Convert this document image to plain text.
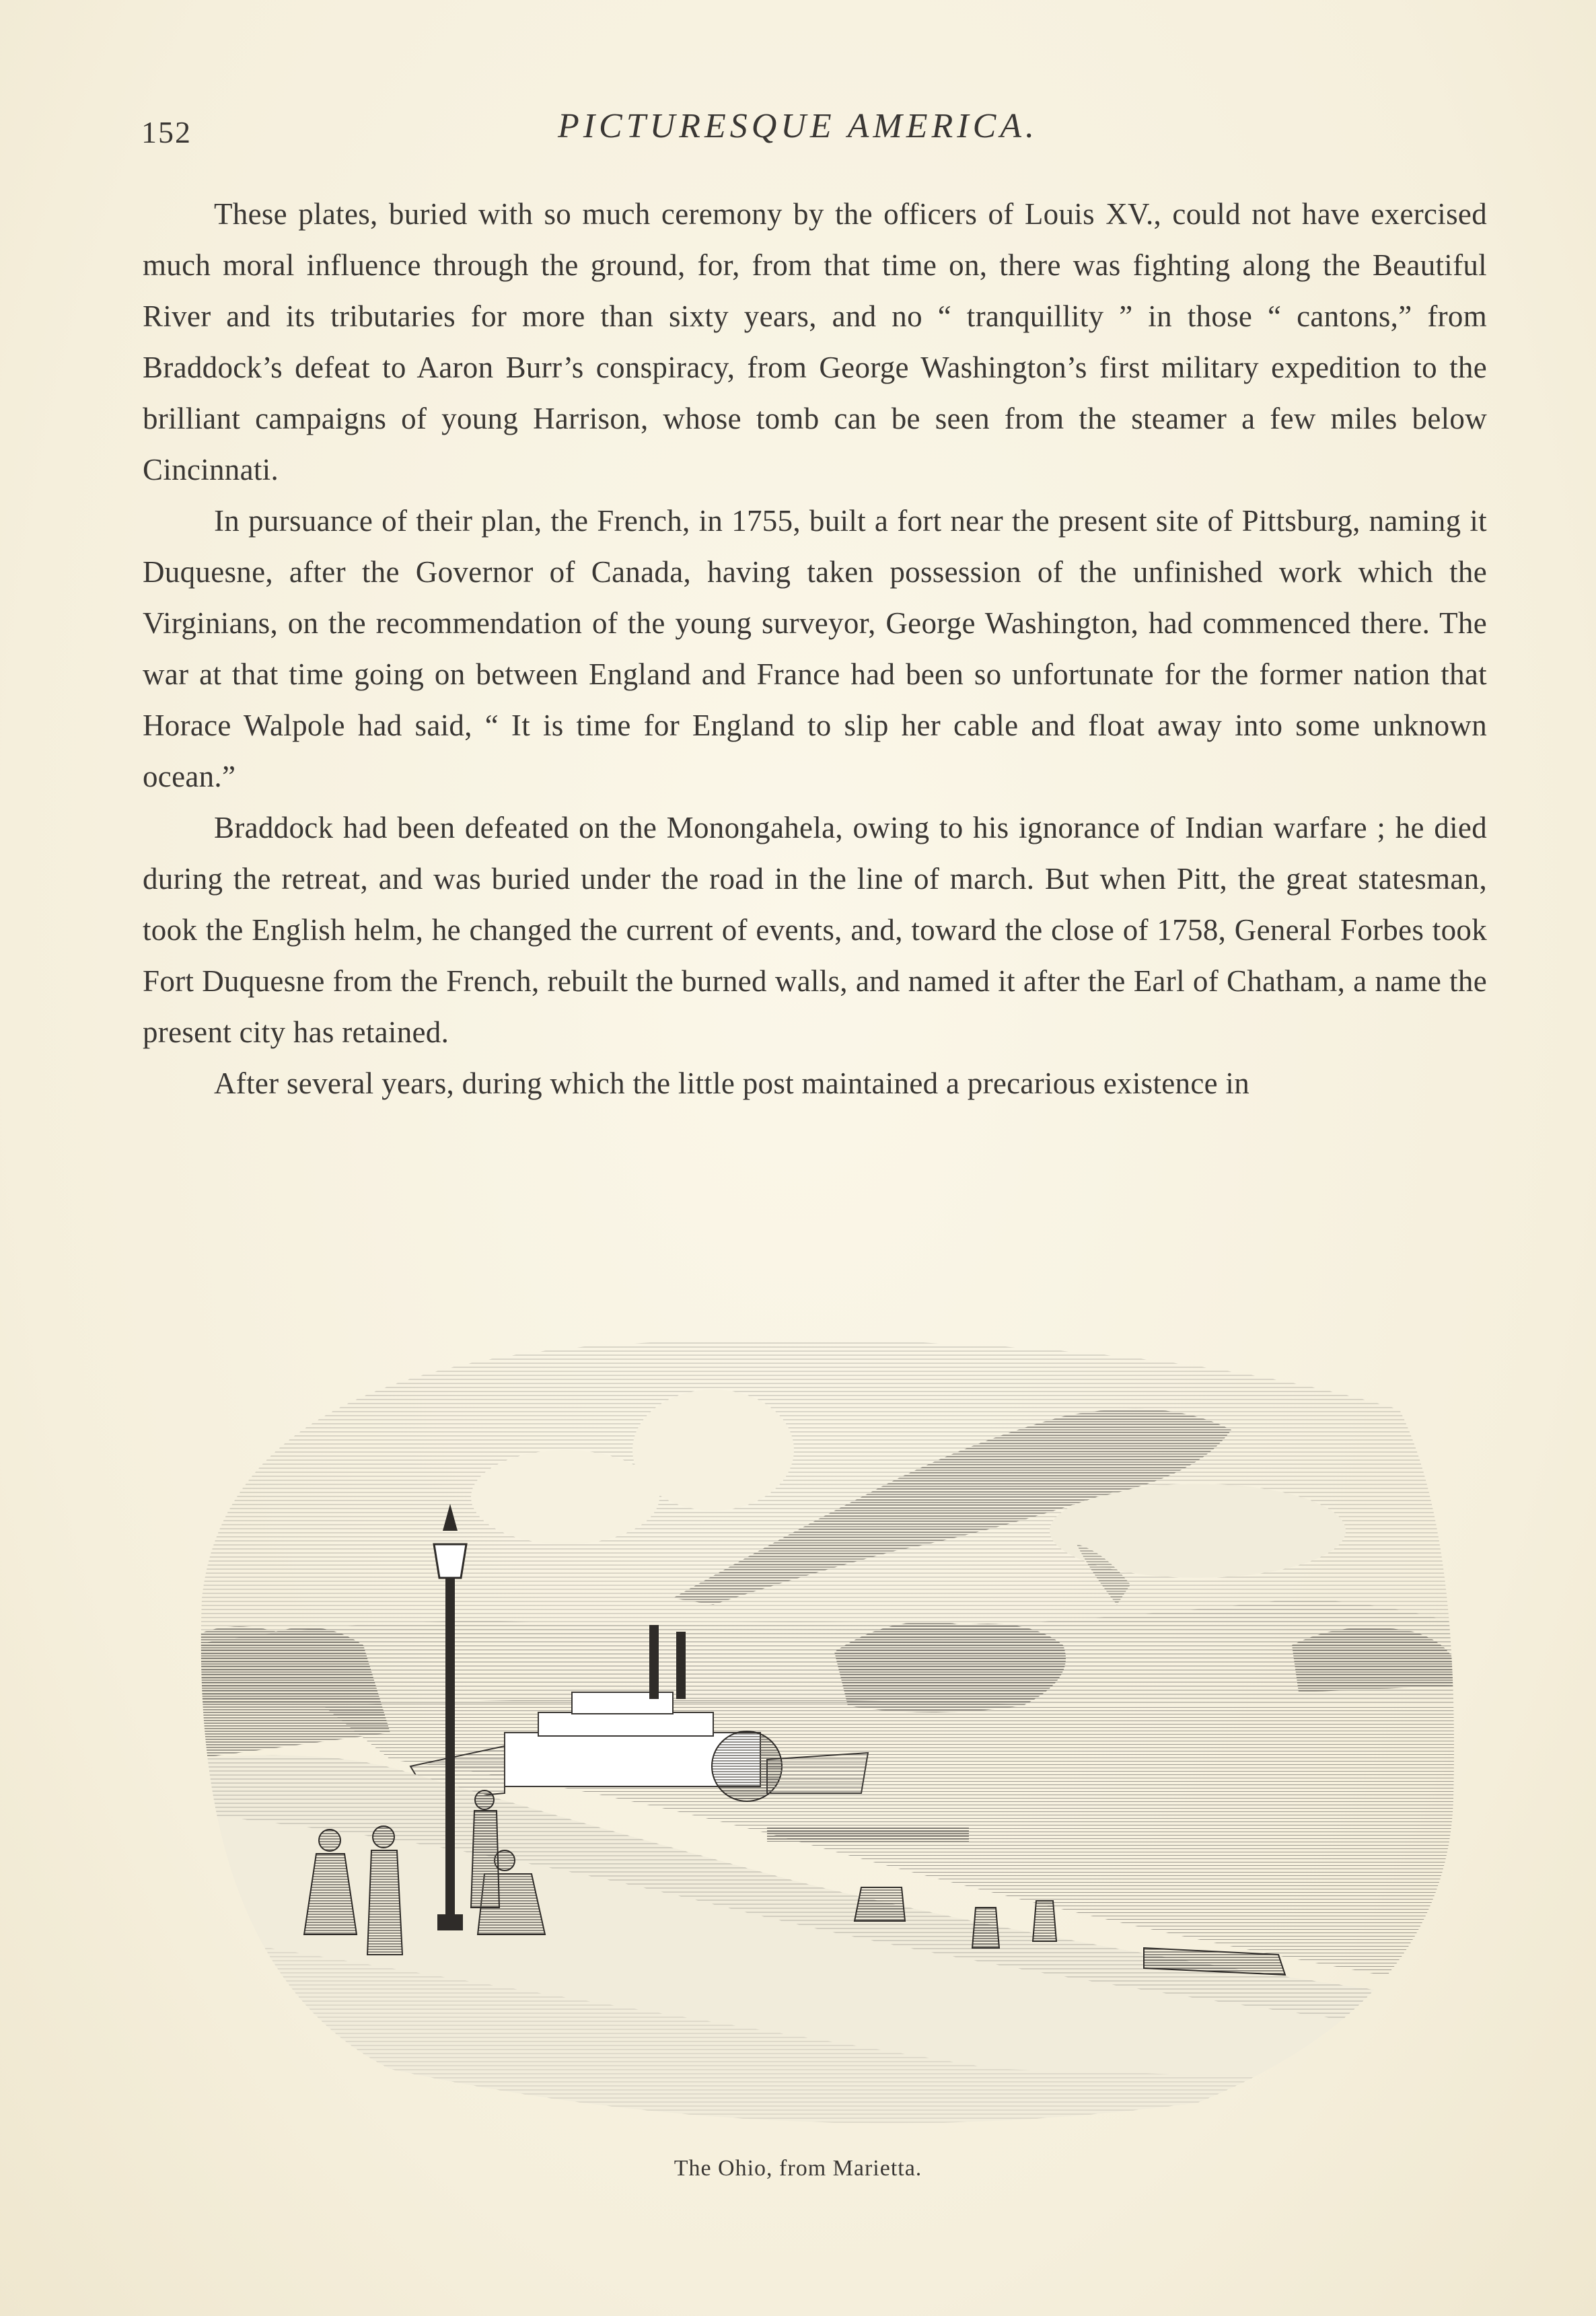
152	PICTURESQUE AMERICA.

These plates, buried with so much ceremony by the officers of Louis XV., could not have exercised much moral influence through the ground, for, from that time on, there was fighting along the Beautiful River and its tributaries for more than sixty years, and no “ tranquillity ” in those “ cantons,” from Braddock’s defeat to Aaron Burr’s conspiracy, from George Washington’s first military expedition to the brilliant campaigns of young Harrison, whose tomb can be seen from the steamer a few miles below Cincinnati.

In pursuance of their plan, the French, in 1755, built a fort near the present site of Pittsburg, naming it Duquesne, after the Governor of Canada, having taken possession of the unfinished work which the Virginians, on the recommendation of the young surveyor, George Washington, had commenced there. The war at that time going on between England and France had been so unfortunate for the former nation that Horace Walpole had said, “ It is time for England to slip her cable and float away into some unknown ocean.”

Braddock had been defeated on the Monongahela, owing to his ignorance of Indian warfare ; he died during the retreat, and was buried under the road in the line of march. But when Pitt, the great statesman, took the English helm, he changed the current of events, and, toward the close of 1758, General Forbes took Fort Duquesne from the French, rebuilt the burned walls, and named it after the Earl of Chatham, a name the present city has retained.

After several years, during which the little post maintained a precarious existence in

The Ohio, from Marietta.
